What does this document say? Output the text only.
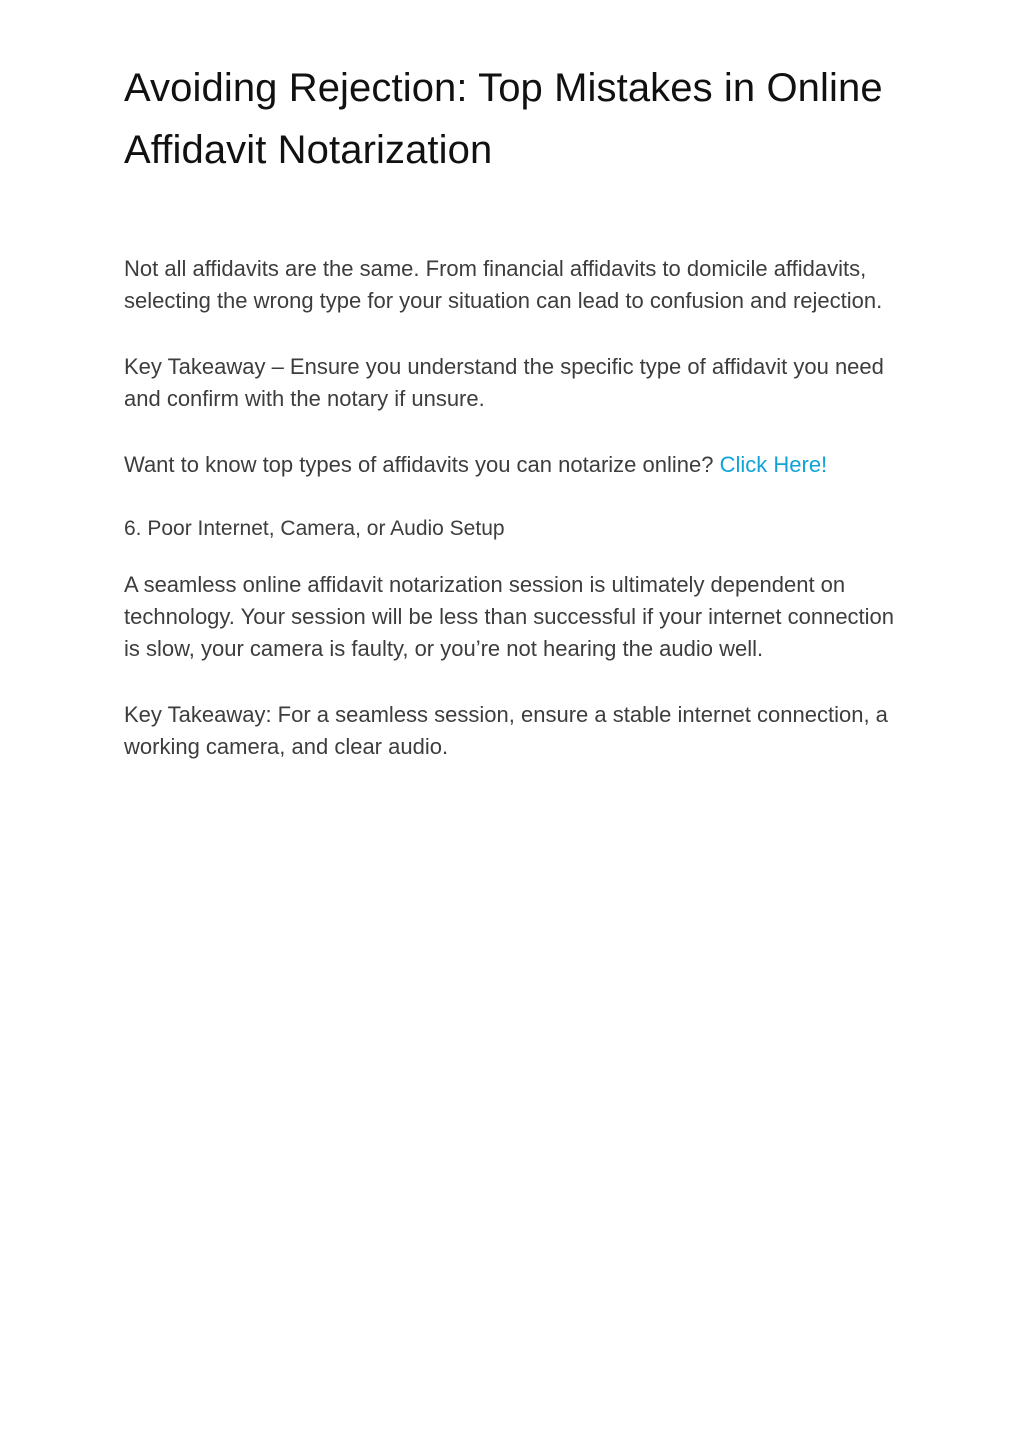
Avoiding Rejection: Top Mistakes in Online Affidavit Notarization

Not all affidavits are the same. From financial affidavits to domicile affidavits, selecting the wrong type for your situation can lead to confusion and rejection.

Key Takeaway – Ensure you understand the specific type of affidavit you need and confirm with the notary if unsure.

Want to know top types of affidavits you can notarize online? Click Here!

6. Poor Internet, Camera, or Audio Setup

A seamless online affidavit notarization session is ultimately dependent on technology. Your session will be less than successful if your internet connection is slow, your camera is faulty, or you’re not hearing the audio well.

Key Takeaway: For a seamless session, ensure a stable internet connection, a working camera, and clear audio.
